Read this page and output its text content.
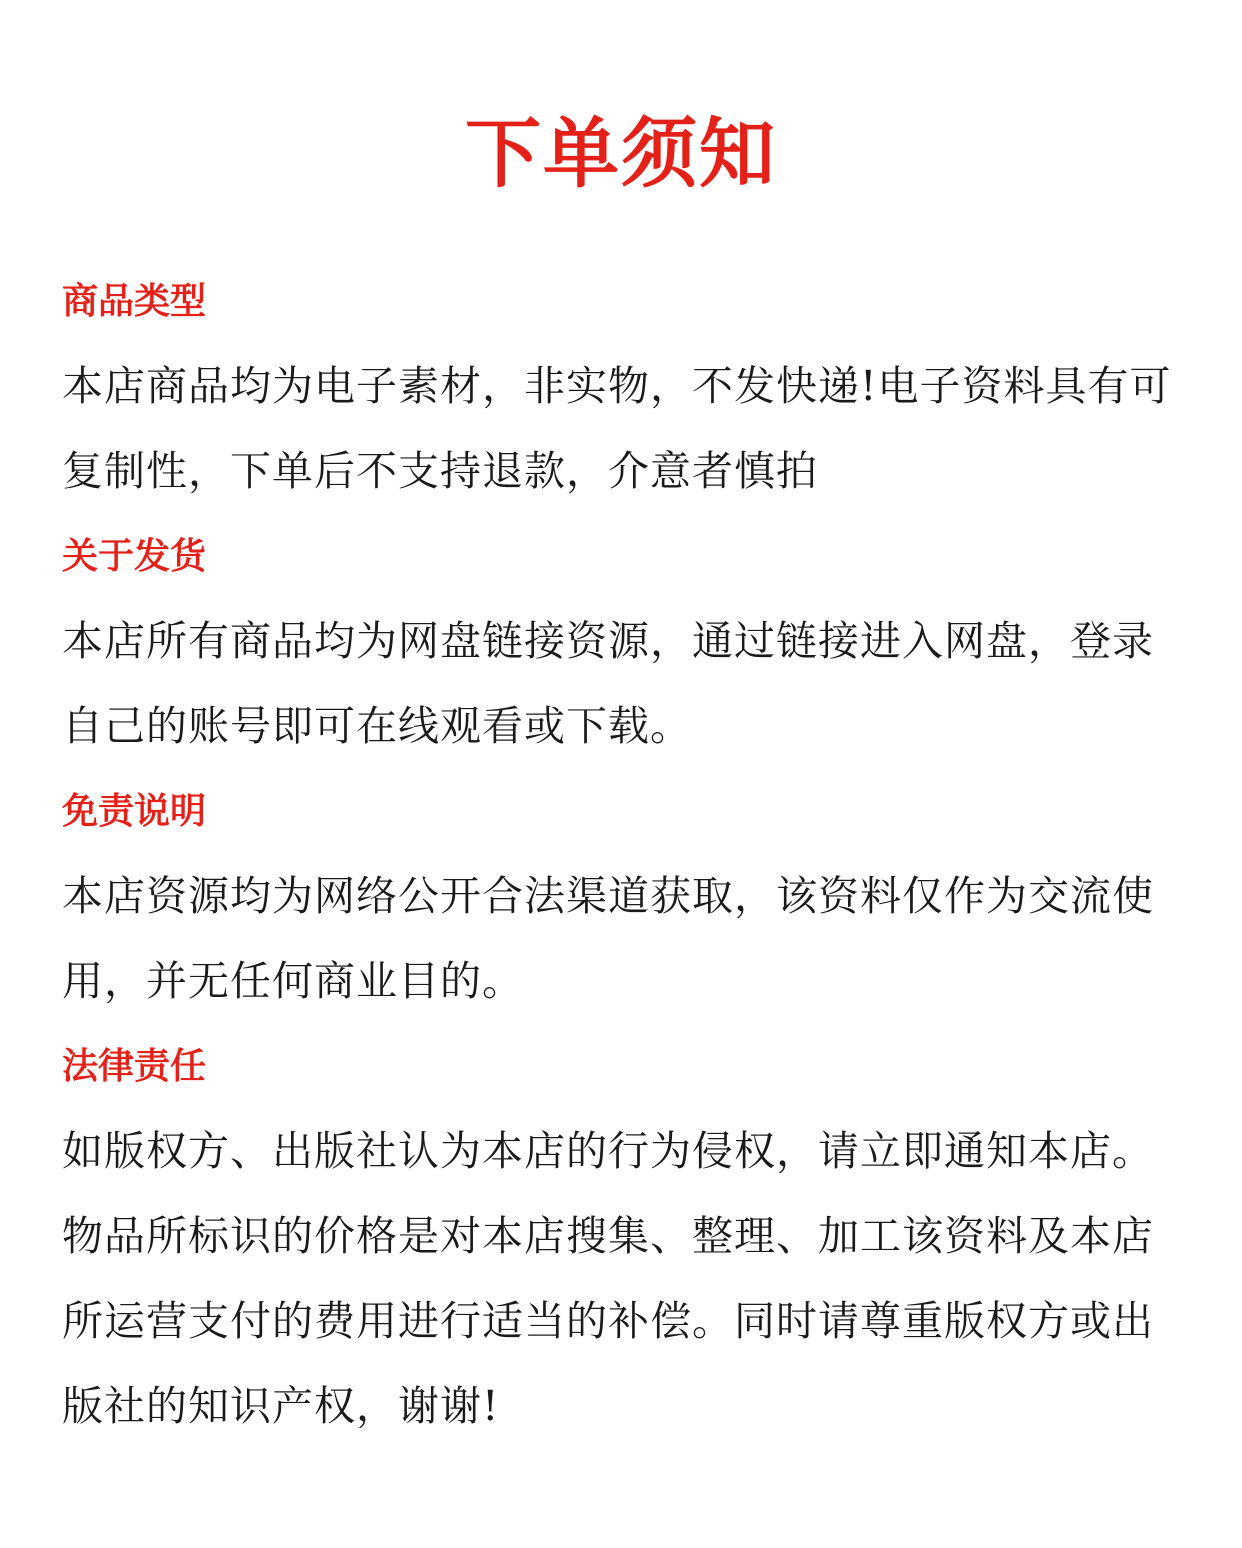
下单须知
商品类型
本店商品均为电子素材，非实物，不发快递!电子资料具有可复制性，下单后不支持退款，介意者慎拍
关于发货
本店所有商品均为网盘链接资源，通过链接进入网盘，登录自己的账号即可在线观看或下载。
免责说明
本店资源均为网络公开合法渠道获取，该资料仅作为交流使用，并无任何商业目的。
法律责任
如版权方、出版社认为本店的行为侵权，请立即通知本店。物品所标识的价格是对本店搜集、整理、加工该资料及本店所运营支付的费用进行适当的补偿。同时请尊重版权方或出版社的知识产权，谢谢!
